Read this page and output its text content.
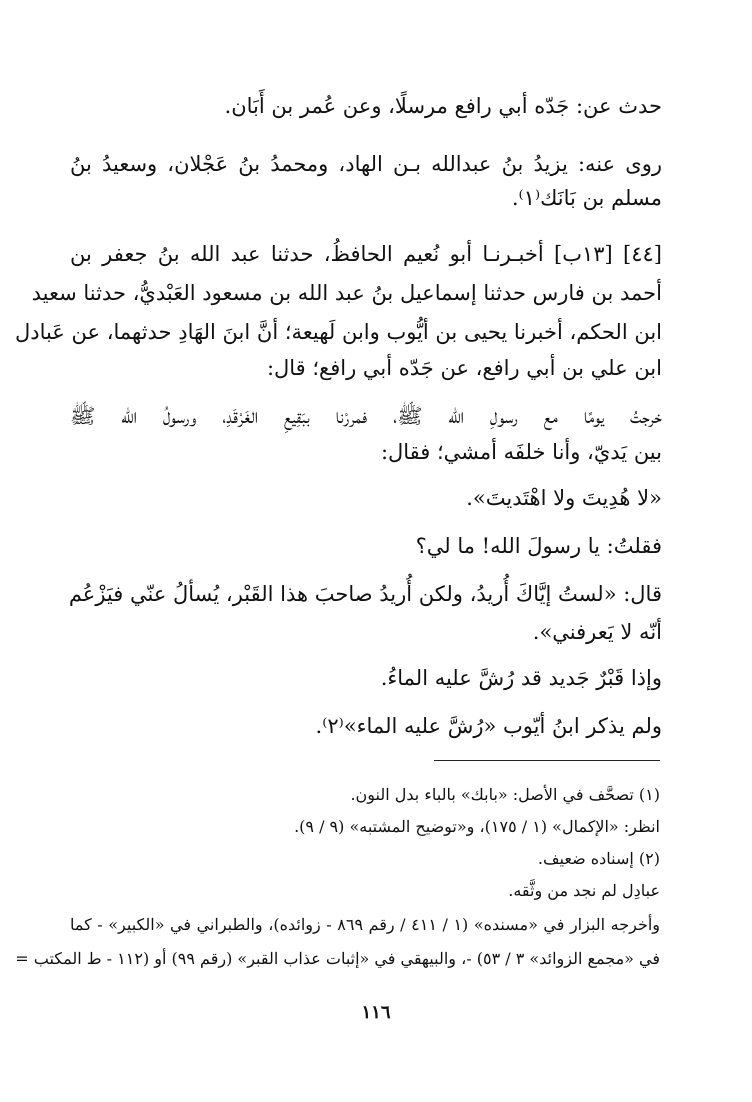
حدث عن: جَدّه أبي رافع مرسلًا، وعن عُمر بن أَبَان.
روى عنه: يزيدُ بنُ عبدالله بـن الهاد، ومحمدُ بنُ عَجْلان، وسعيدُ بنُ
مسلم بن بَانَك⁽١⁾.
[٤٤] [١٣ب] أخبـرنـا أبو نُعيم الحافظُ، حدثنا عبد الله بنُ جعفر بن
أحمد بن فارس حدثنا إسماعيل بنُ عبد الله بن مسعود العَبْديُّ، حدثنا سعيد
ابن الحكم، أخبرنا يحيى بن أيُّوب وابن لَهيعة؛ أنَّ ابنَ الهَادِ حدثهما، عن عَبادل
ابن علي بن أبي رافع، عن جَدّه أبي رافع؛ قال:
خرجتُ يومًا مع رسولِ الله ﷺ، فمررْنا ببَقِيعِ الغَرْقَدِ، ورسولُ الله ﷺ
بين يَديّ، وأنا خلفَه أمشي؛ فقال:
«لا هُدِيتَ ولا اهْتَديتَ».
فقلتُ: يا رسولَ الله! ما لي؟
قال: «لستُ إيَّاكَ أُريدُ، ولكن أُريدُ صاحبَ هذا القَبْر، يُسألُ عنّي فيَزْعُم
أنّه لا يَعرفني».
وإذا قَبْرٌ جَديد قد رُشَّ عليه الماءُ.
ولم يذكر ابنُ أيّوب «رُشَّ عليه الماء»⁽٢⁾.
(١) تصحَّف في الأصل: «بابك» بالباء بدل النون.
انظر: «الإكمال» (١ / ١٧٥)، و«توضيح المشتبه» (٩ / ٩).
(٢) إسناده ضعيف.
عبادِل لم نجد من وثَّقه.
وأخرجه البزار في «مسنده» (١ / ٤١١ / رقم ٨٦٩ - زوائده)، والطبراني في «الكبير» - كما
في «مجمع الزوائد» ٣ / ٥٣) -، والبيهقي في «إثبات عذاب القبر» (رقم ٩٩) أو (١١٢ - ط المكتب =
١١٦
